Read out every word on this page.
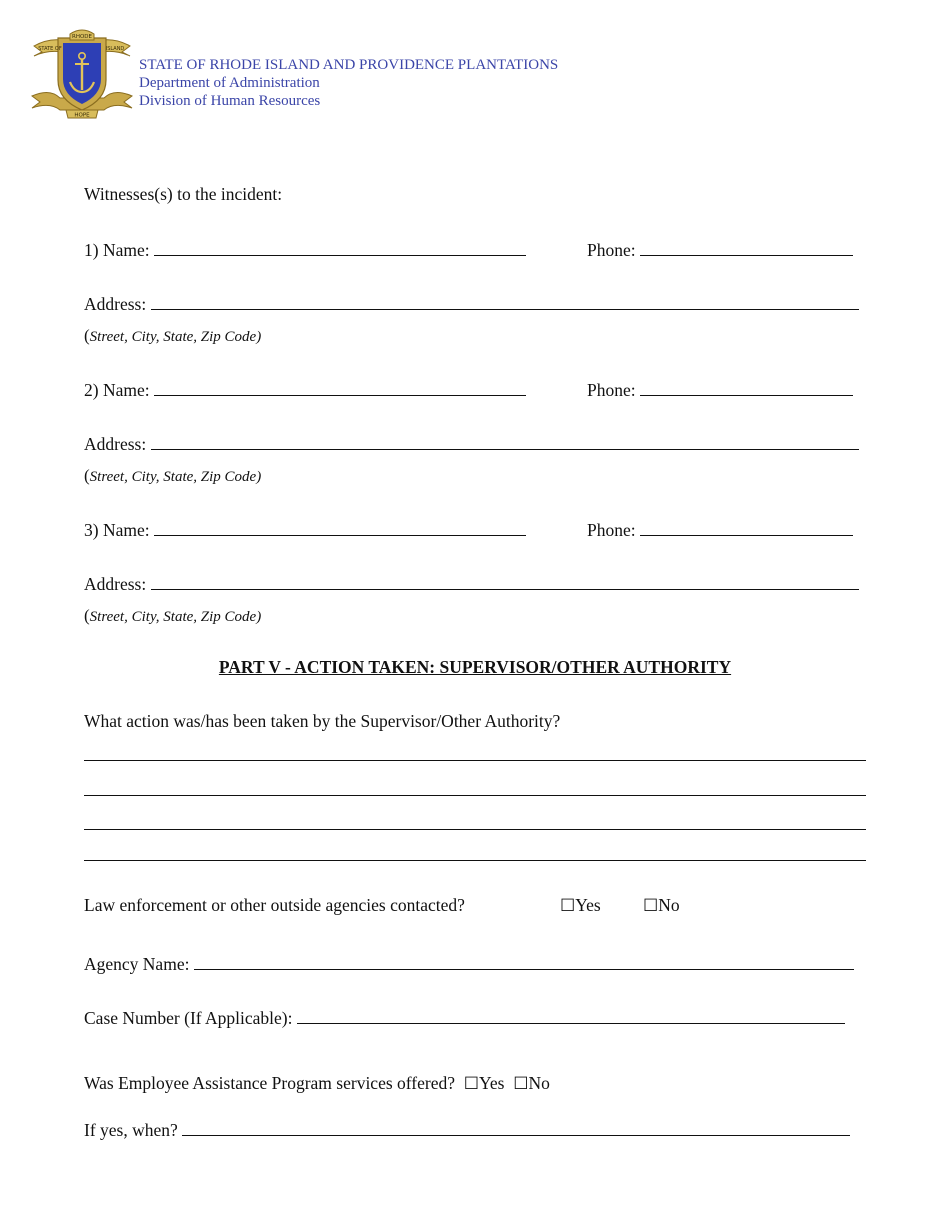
RHODE
STATE OF	ISLAND
HOPE
STATE OF RHODE ISLAND AND PROVIDENCE PLANTATIONS
Department of Administration
Division of Human Resources
Witnesses(s) to the incident:
1) Name:	Phone:
Address:
(Street, City, State, Zip Code)
2) Name:	Phone:
Address:
(Street, City, State, Zip Code)
3) Name:	Phone:
Address:
(Street, City, State, Zip Code)
PART V - ACTION TAKEN: SUPERVISOR/OTHER AUTHORITY
What action was/has been taken by the Supervisor/Other Authority?
Law enforcement or other outside agencies contacted?	☐Yes ☐No
Agency Name:
Case Number (If Applicable):
Was Employee Assistance Program services offered? ☐Yes ☐No
If yes, when?
